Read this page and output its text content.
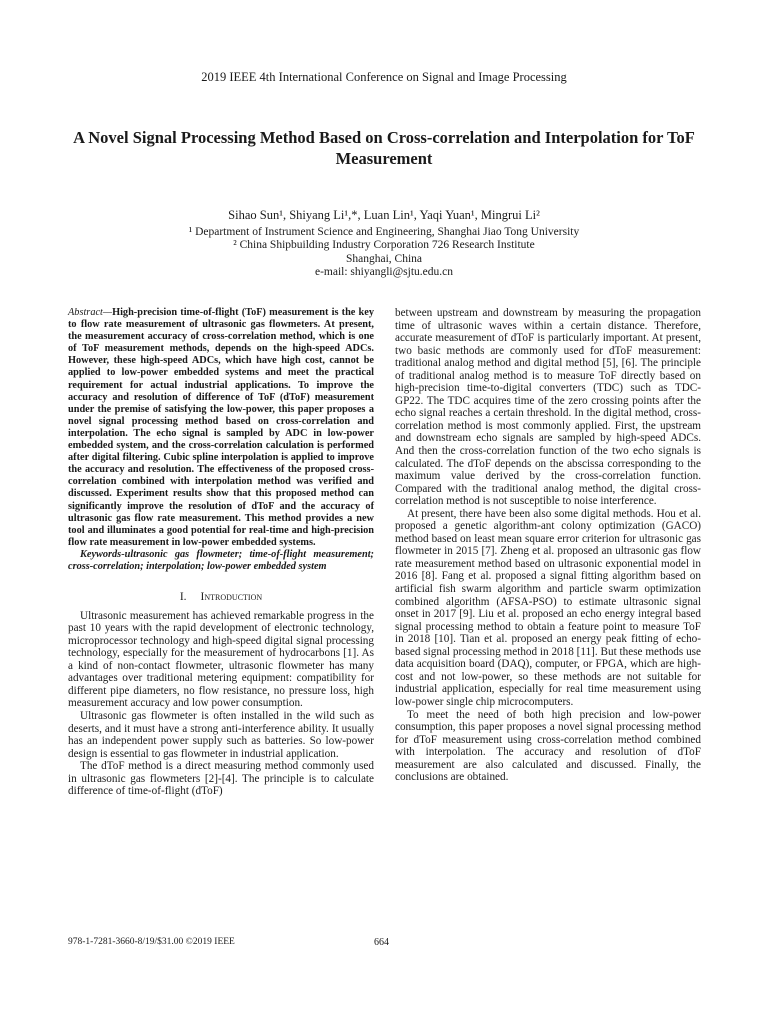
2019 IEEE 4th International Conference on Signal and Image Processing
A Novel Signal Processing Method Based on Cross-correlation and Interpolation for ToF Measurement
Sihao Sun¹, Shiyang Li¹,*, Luan Lin¹, Yaqi Yuan¹, Mingrui Li²
¹ Department of Instrument Science and Engineering, Shanghai Jiao Tong University
² China Shipbuilding Industry Corporation 726 Research Institute
Shanghai, China
e-mail: shiyangli@sjtu.edu.cn

Abstract—High-precision time-of-flight (ToF) measurement is the key to flow rate measurement of ultrasonic gas flowmeters. At present, the measurement accuracy of cross-correlation method, which is one of ToF measurement methods, depends on the high-speed ADCs. However, these high-speed ADCs, which have high cost, cannot be applied to low-power embedded systems and meet the practical requirement for actual industrial applications. To improve the accuracy and resolution of difference of ToF (dToF) measurement under the premise of satisfying the low-power, this paper proposes a novel signal processing method based on cross-correlation and interpolation. The echo signal is sampled by ADC in low-power embedded system, and the cross-correlation calculation is performed after digital filtering. Cubic spline interpolation is applied to improve the accuracy and resolution. The effectiveness of the proposed cross-correlation combined with interpolation method was verified and discussed. Experiment results show that this proposed method can significantly improve the resolution of dToF and the accuracy of ultrasonic gas flow rate measurement. This method provides a new tool and illuminates a good potential for real-time and high-precision flow rate measurement in low-power embedded systems.

Keywords-ultrasonic gas flowmeter; time-of-flight measurement; cross-correlation; interpolation; low-power embedded system

I. Introduction

Ultrasonic measurement has achieved remarkable progress in the past 10 years with the rapid development of electronic technology, microprocessor technology and high-speed digital signal processing technology, especially for the measurement of hydrocarbons [1]. As a kind of non-contact flowmeter, ultrasonic flowmeter has many advantages over traditional metering equipment: compatibility for different pipe diameters, no flow resistance, no pressure loss, high measurement accuracy and low power consumption.

Ultrasonic gas flowmeter is often installed in the wild such as deserts, and it must have a strong anti-interference ability. It usually has an independent power supply such as batteries. So low-power design is essential to gas flowmeter in industrial application.

The dToF method is a direct measuring method commonly used in ultrasonic gas flowmeters [2]-[4]. The principle is to calculate difference of time-of-flight (dToF)

between upstream and downstream by measuring the propagation time of ultrasonic waves within a certain distance. Therefore, accurate measurement of dToF is particularly important. At present, two basic methods are commonly used for dToF measurement: traditional analog method and digital method [5], [6]. The principle of traditional analog method is to measure ToF directly based on high-precision time-to-digital converters (TDC) such as TDC-GP22. The TDC acquires time of the zero crossing points after the echo signal reaches a certain threshold. In the digital method, cross-correlation method is most commonly applied. First, the upstream and downstream echo signals are sampled by high-speed ADCs. And then the cross-correlation function of the two echo signals is calculated. The dToF depends on the abscissa corresponding to the maximum value derived by the cross-correlation function. Compared with the traditional analog method, the digital cross-correlation method is not susceptible to noise interference.

At present, there have been also some digital methods. Hou et al. proposed a genetic algorithm-ant colony optimization (GACO) method based on least mean square error criterion for ultrasonic gas flowmeter in 2015 [7]. Zheng et al. proposed an ultrasonic gas flow rate measurement method based on ultrasonic exponential model in 2016 [8]. Fang et al. proposed a signal fitting algorithm based on artificial fish swarm algorithm and particle swarm optimization combined algorithm (AFSA-PSO) to estimate ultrasonic signal onset in 2017 [9]. Liu et al. proposed an echo energy integral based signal processing method to obtain a feature point to measure ToF in 2018 [10]. Tian et al. proposed an energy peak fitting of echo-based signal processing method in 2018 [11]. But these methods use data acquisition board (DAQ), computer, or FPGA, which are high-cost and not low-power, so these methods are not suitable for industrial application, especially for real time measurement using low-power single chip microcomputers.

To meet the need of both high precision and low-power consumption, this paper proposes a novel signal processing method for dToF measurement using cross-correlation method combined with interpolation. The accuracy and resolution of dToF measurement are also calculated and discussed. Finally, the conclusions are obtained.

978-1-7281-3660-8/19/$31.00 ©2019 IEEE	664
